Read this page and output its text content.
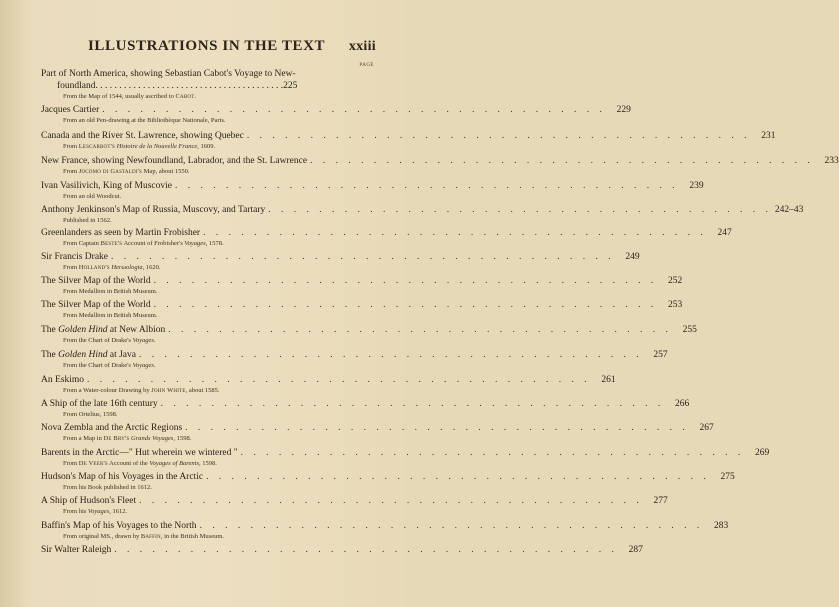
ILLUSTRATIONS IN THE TEXT xxiii
PAGE
Part of North America, showing Sebastian Cabot's Voyage to New-
foundland . . . . . . . . . . . . . . . . . . . . . . . . . . . . . . . . . . . . . . . . 225
From the Map of 1544, usually ascribed to Cabot.
Jacques Cartier . . . . . . . . . . . . . . . . . . . . . . . . . . . . . . . . . . . . . . . .	229
From an old Pen-drawing at the Bibliothèque Nationale, Paris.
Canada and the River St. Lawrence, showing Quebec . . . . . . . . . . . . . . . . . . . . . . . . . . . . . . . . . . . . . . . .	231
From Lescarbot's Histoire de la Nouvelle France, 1609.
New France, showing Newfoundland, Labrador, and the St. Lawrence . . . . . . . . . . . . . . . . . . . . . . . . . . . . . . . . . . . . . . . .	233
From Jocomo di Gastaldi's Map, about 1550.
Ivan Vasilivich, King of Muscovie . . . . . . . . . . . . . . . . . . . . . . . . . . . . . . . . . . . . . . . .	239
From an old Woodcut.
Anthony Jenkinson's Map of Russia, Muscovy, and Tartary . . . . . . . . . . . . . . . . . . . . . . . . . . . . . . . . . . . . . . . . 242–43
Published in 1562.
Greenlanders as seen by Martin Frobisher . . . . . . . . . . . . . . . . . . . . . . . . . . . . . . . . . . . . . . . .	247
From Captain Beste's Account of Frobisher's Voyages, 1578.
Sir Francis Drake . . . . . . . . . . . . . . . . . . . . . . . . . . . . . . . . . . . . . . . .	249
From Holland's Herωologia, 1620.
The Silver Map of the World . . . . . . . . . . . . . . . . . . . . . . . . . . . . . . . . . . . . . . . .	252
From Medallion in British Museum.
The Silver Map of the World . . . . . . . . . . . . . . . . . . . . . . . . . . . . . . . . . . . . . . . .	253
From Medallion in British Museum.
The Golden Hind at New Albion . . . . . . . . . . . . . . . . . . . . . . . . . . . . . . . . . . . . . . . .	255
From the Chart of Drake's Voyages.
The Golden Hind at Java . . . . . . . . . . . . . . . . . . . . . . . . . . . . . . . . . . . . . . . .	257
From the Chart of Drake's Voyages.
An Eskimo . . . . . . . . . . . . . . . . . . . . . . . . . . . . . . . . . . . . . . . .	261
From a Water-colour Drawing by John White, about 1585.
A Ship of the late 16th century . . . . . . . . . . . . . . . . . . . . . . . . . . . . . . . . . . . . . . . .	266
From Ortelius, 1598.
Nova Zembla and the Arctic Regions . . . . . . . . . . . . . . . . . . . . . . . . . . . . . . . . . . . . . . . .	267
From a Map in De Bry's Grands Voyages, 1598.
Barents in the Arctic—" Hut wherein we wintered " . . . . . . . . . . . . . . . . . . . . . . . . . . . . . . . . . . . . . . . .	269
From De Veer's Account of the Voyages of Barents, 1598.
Hudson's Map of his Voyages in the Arctic . . . . . . . . . . . . . . . . . . . . . . . . . . . . . . . . . . . . . . . .	275
From his Book published in 1612.
A Ship of Hudson's Fleet . . . . . . . . . . . . . . . . . . . . . . . . . . . . . . . . . . . . . . . .	277
From his Voyages, 1612.
Baffin's Map of his Voyages to the North . . . . . . . . . . . . . . . . . . . . . . . . . . . . . . . . . . . . . . . .	283
From original MS., drawn by Baffin, in the British Museum.
Sir Walter Raleigh . . . . . . . . . . . . . . . . . . . . . . . . . . . . . . . . . . . . . . . .	287
